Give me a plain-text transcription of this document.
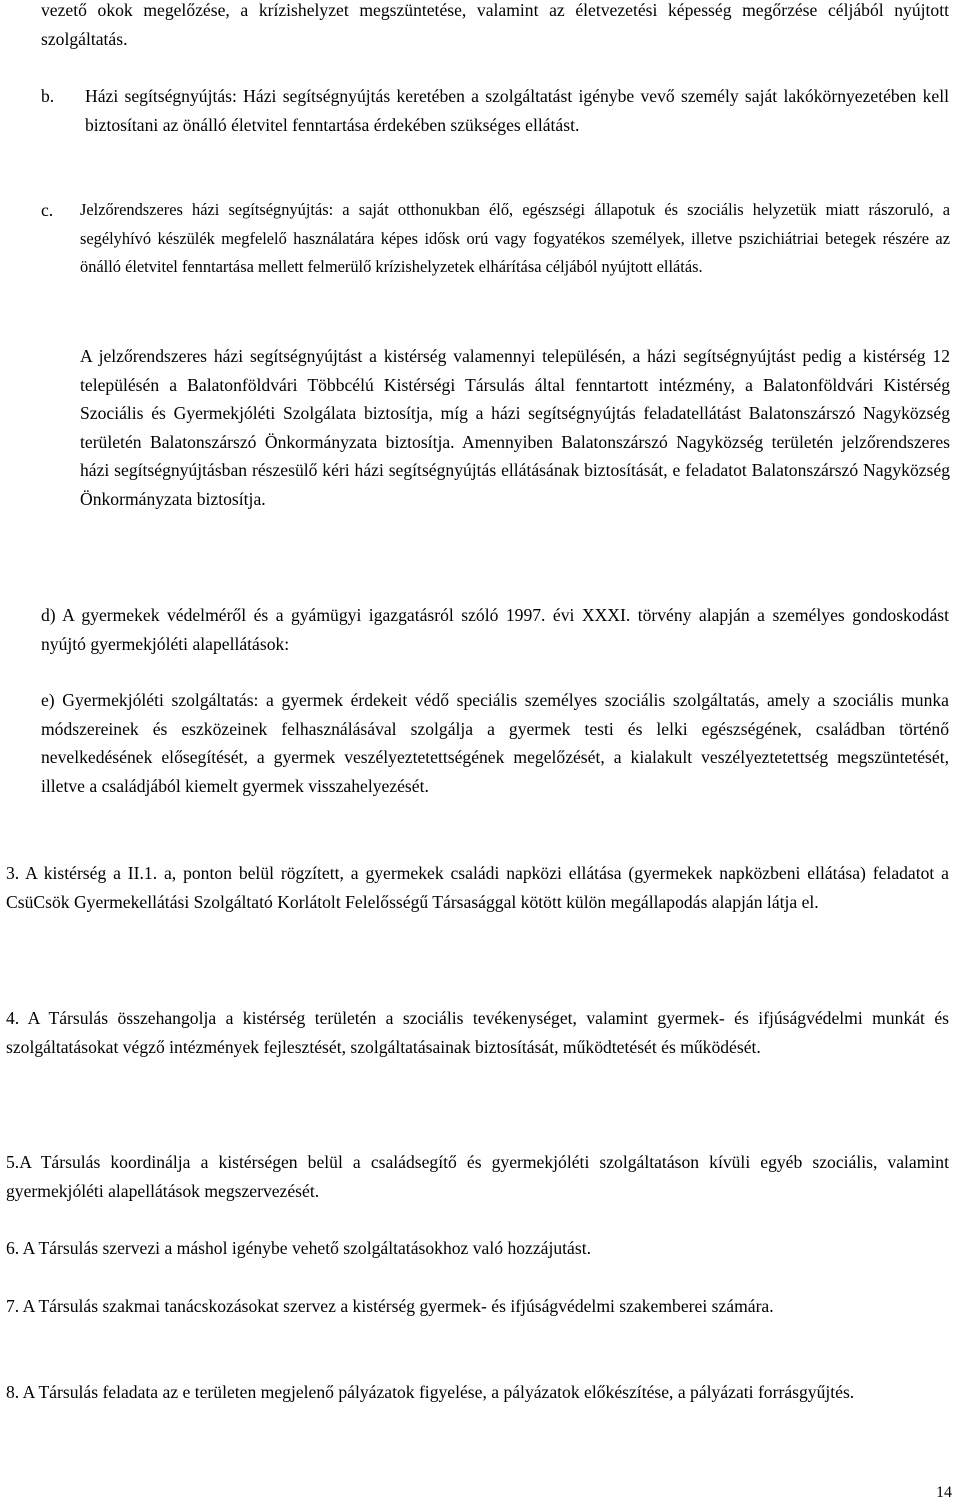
vezető okok megelőzése, a krízishelyzet megszüntetése, valamint az életvezetési képesség megőrzése céljából nyújtott szolgáltatás.

b. Házi segítségnyújtás: Házi segítségnyújtás keretében a szolgáltatást igénybe vevő személy saját lakókörnyezetében kell biztosítani az önálló életvitel fenntartása érdekében szükséges ellátást.

c. Jelzőrendszeres házi segítségnyújtás: a saját otthonukban élő, egészségi állapotuk és szociális helyzetük miatt rászoruló, a segélyhívó készülék megfelelő használatára képes idősk orú vagy fogyatékos személyek, illetve pszichiátriai betegek részére az önálló életvitel fenntartása mellett felmerülő krízishelyzetek elhárítása céljából nyújtott ellátás.

A jelzőrendszeres házi segítségnyújtást a kistérség valamennyi településén, a házi segítségnyújtást pedig a kistérség 12 településén a Balatonföldvári Többcélú Kistérségi Társulás által fenntartott intézmény, a Balatonföldvári Kistérség Szociális és Gyermekjóléti Szolgálata biztosítja, míg a házi segítségnyújtás feladatellátást Balatonszárszó Nagyközség területén Balatonszárszó Önkormányzata biztosítja. Amennyiben Balatonszárszó Nagyközség területén jelzőrendszeres házi segítségnyújtásban részesülő kéri házi segítségnyújtás ellátásának biztosítását, e feladatot Balatonszárszó Nagyközség Önkormányzata biztosítja.

d) A gyermekek védelméről és a gyámügyi igazgatásról szóló 1997. évi XXXI. törvény alapján a személyes gondoskodást nyújtó gyermekjóléti alapellátások:

e) Gyermekjóléti szolgáltatás: a gyermek érdekeit védő speciális személyes szociális szolgáltatás, amely a szociális munka módszereinek és eszközeinek felhasználásával szolgálja a gyermek testi és lelki egészségének, családban történő nevelkedésének elősegítését, a gyermek veszélyeztetettségének megelőzését, a kialakult veszélyeztetettség megszüntetését, illetve a családjából kiemelt gyermek visszahelyezését.

3. A kistérség a II.1. a, ponton belül rögzített, a gyermekek családi napközi ellátása (gyermekek napközbeni ellátása) feladatot a CsüCsök Gyermekellátási Szolgáltató Korlátolt Felelősségű Társasággal kötött külön megállapodás alapján látja el.

4. A Társulás összehangolja a kistérség területén a szociális tevékenységet, valamint gyermek- és ifjúságvédelmi munkát és szolgáltatásokat végző intézmények fejlesztését, szolgáltatásainak biztosítását, működtetését és működését.

5.A Társulás koordinálja a kistérségen belül a családsegítő és gyermekjóléti szolgáltatáson kívüli egyéb szociális, valamint gyermekjóléti alapellátások megszervezését.

6. A Társulás szervezi a máshol igénybe vehető szolgáltatásokhoz való hozzájutást.

7. A Társulás szakmai tanácskozásokat szervez a kistérség gyermek- és ifjúságvédelmi szakemberei számára.

8. A Társulás feladata az e területen megjelenő pályázatok figyelése, a pályázatok előkészítése, a pályázati forrásgyűjtés.

14
